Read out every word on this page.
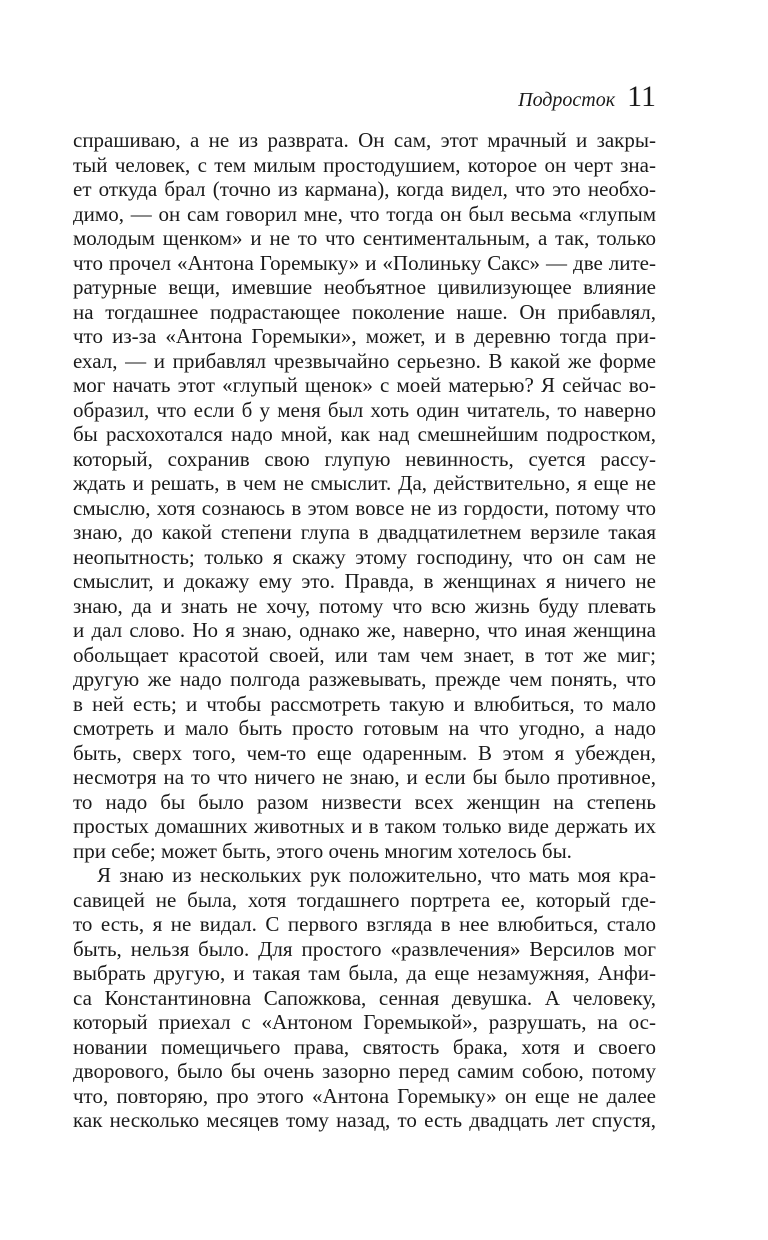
Подросток 11
спрашиваю, а не из разврата. Он сам, этот мрачный и закры-
тый человек, с тем милым простодушием, которое он черт зна-
ет откуда брал (точно из кармана), когда видел, что это необхо-
димо, — он сам говорил мне, что тогда он был весьма «глупым
молодым щенком» и не то что сентиментальным, а так, только
что прочел «Антона Горемыку» и «Полиньку Сакс» — две лите-
ратурные вещи, имевшие необъятное цивилизующее влияние
на тогдашнее подрастающее поколение наше. Он прибавлял,
что из-за «Антона Горемыки», может, и в деревню тогда при-
ехал, — и прибавлял чрезвычайно серьезно. В какой же форме
мог начать этот «глупый щенок» с моей матерью? Я сейчас во-
образил, что если б у меня был хоть один читатель, то наверно
бы расхохотался надо мной, как над смешнейшим подростком,
который, сохранив свою глупую невинность, суется рассу-
ждать и решать, в чем не смыслит. Да, действительно, я еще не
смыслю, хотя сознаюсь в этом вовсе не из гордости, потому что
знаю, до какой степени глупа в двадцатилетнем верзиле такая
неопытность; только я скажу этому господину, что он сам не
смыслит, и докажу ему это. Правда, в женщинах я ничего не
знаю, да и знать не хочу, потому что всю жизнь буду плевать
и дал слово. Но я знаю, однако же, наверно, что иная женщина
обольщает красотой своей, или там чем знает, в тот же миг;
другую же надо полгода разжевывать, прежде чем понять, что
в ней есть; и чтобы рассмотреть такую и влюбиться, то мало
смотреть и мало быть просто готовым на что угодно, а надо
быть, сверх того, чем-то еще одаренным. В этом я убежден,
несмотря на то что ничего не знаю, и если бы было противное,
то надо бы было разом низвести всех женщин на степень
простых домашних животных и в таком только виде держать их
при себе; может быть, этого очень многим хотелось бы.
Я знаю из нескольких рук положительно, что мать моя кра-
савицей не была, хотя тогдашнего портрета ее, который где-
то есть, я не видал. С первого взгляда в нее влюбиться, стало
быть, нельзя было. Для простого «развлечения» Версилов мог
выбрать другую, и такая там была, да еще незамужняя, Анфи-
са Константиновна Сапожкова, сенная девушка. А человеку,
который приехал с «Антоном Горемыкой», разрушать, на ос-
новании помещичьего права, святость брака, хотя и своего
дворового, было бы очень зазорно перед самим собою, потому
что, повторяю, про этого «Антона Горемыку» он еще не далее
как несколько месяцев тому назад, то есть двадцать лет спустя,
